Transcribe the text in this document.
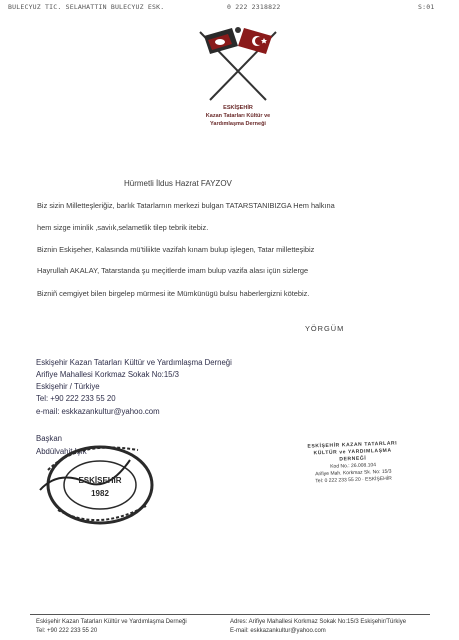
BULECYUZ TIC. SELAHATTIN BULECYUZ ESK.	0 222 2318822	S:01
ESKİŞEHİR
Kazan Tatarları Kültür ve
Yardımlaşma Derneği
Hürmetli İldus Hazrat FAYZOV
Biz sizin Milletteşleriğiz, barlık Tatarlarnın merkezi bulgan TATARSTANIBIZGA Hem halkına
hem sizge iminlik ,saviık,selametlik tilep tebrik itebiz.
Biznin Eskişeher, Kalasında mü'tiliikte vazifah kınam bulup işlegen, Tatar milletteşibiz
Hayrullah AKALAY, Tatarstanda şu meçitlerde imam bulup vazifa alası içün sizlerge
Bizniñ cemgiyet bilen birgelep mürmesi ite Mümkünügü bulsu haberlergizni kötebiz.
YÖRGÜM
Eskişehir Kazan Tatarları Kültür ve Yardımlaşma Derneği
Arifiye Mahallesi Korkmaz Sokak No:15/3
Eskişehir / Türkiye
Tel: +90 222 233 55 20
e-mail: eskkazankultur@yahoo.com
Başkan
Abdülvahit Işık
ESKİŞEHİR
1982
ESKİŞEHİR KAZAN TATARLARI
KÜLTÜR ve YARDIMLAŞMA
DERNEĞİ
Kod No.: 26.008.104
Arifiye Mah. Korkmaz Sk. No: 15/3
Tel: 0 222 233 55 20 · ESKİŞEHİR
Eskişehir Kazan Tatarları Kültür ve Yardımlaşma Derneği
Tel: +90 222 233 55 20
Adres: Arifiye Mahallesi Korkmaz Sokak No:15/3 Eskişehir/Türkiye
E-mail: eskkazankultur@yahoo.com
